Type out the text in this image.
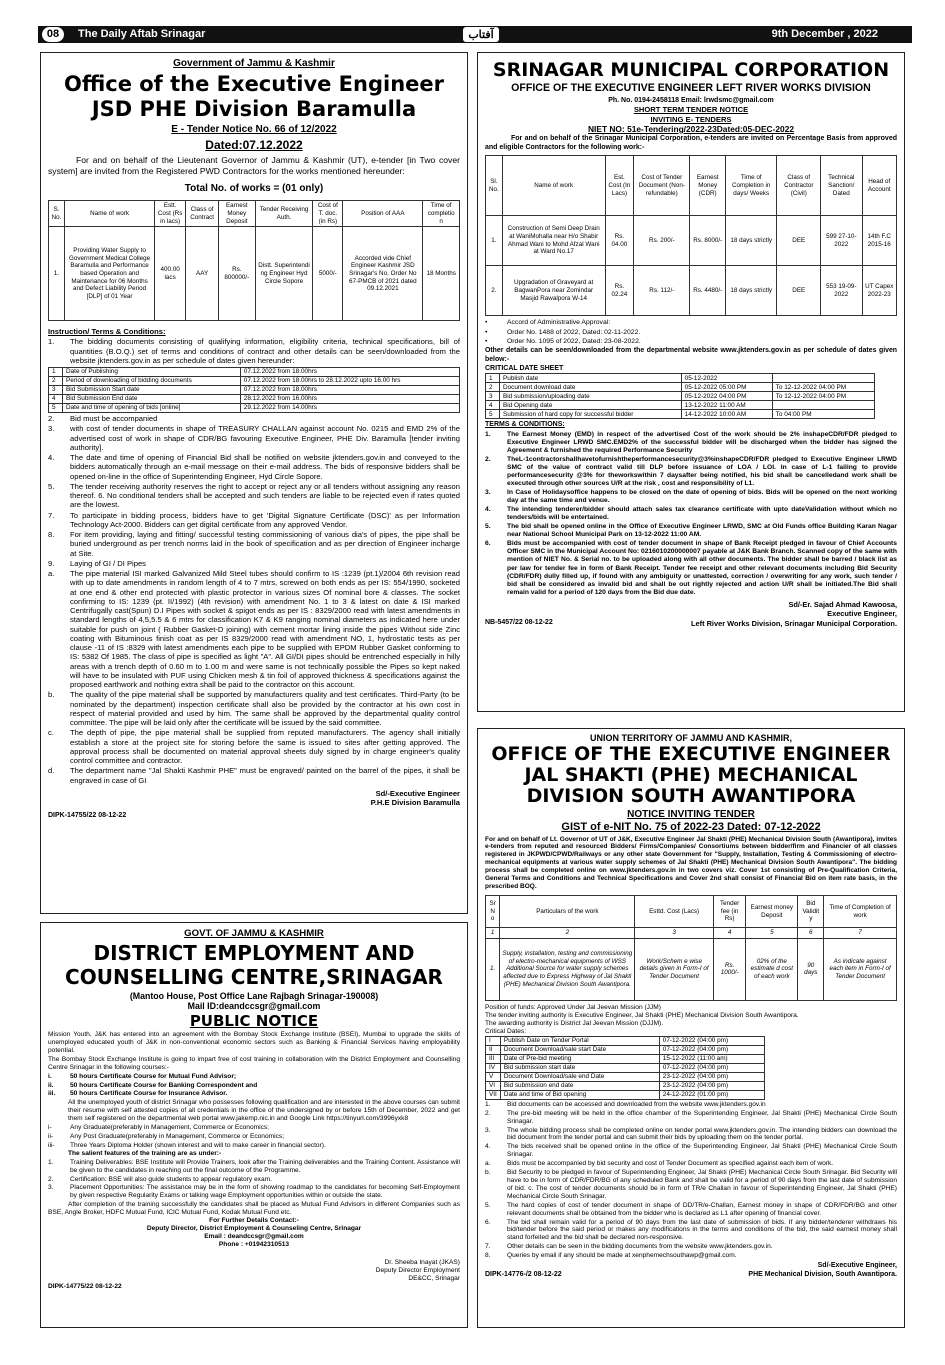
08	The Daily Aftab Srinagar	آفتاب	9th December , 2022
Government of Jammu & Kashmir
Office of the Executive Engineer
JSD PHE Division Baramulla
E - Tender Notice No. 66 of 12/2022
Dated:07.12.2022
For and on behalf of the Lieutenant Governor of Jammu & Kashmir (UT), e-tender [in Two cover system] are invited from the Registered PWD Contractors for the works mentioned hereunder:
Total No. of works = (01 only)
S. No.	Name of work	Estt. Cost (Rs in lacs)	Class of Contract	Earnest Money Deposit	Tender Receiving Auth.	Cost of T. doc. (in Rs)	Position of AAA	Time of completio n
1.	Providing Water Supply to Government Medical College Baramulla and Performance based Operation and Maintenance for 06 Months and Defect Liability Period [DLP] of 01 Year	400.00 lacs	AAY	Rs. 800000/-	Distt. Superintendi ng Engineer Hyd Circle Sopore	5000/-	Accorded vide Chief Engineer Kashmir JSD Srinagar's No. Order No 67-PMCB of 2021 dated 09.12.2021	18 Months
Instruction/ Terms & Conditions:
1.	The bidding documents consisting of qualifying information, eligibility criteria, technical specifications, bill of quantities (B.O.Q.) set of terms and conditions of contract and other details can be seen/downloaded from the website jktenders.gov.in as per schedule of dates given hereunder:
1	Date of Publishing	07.12.2022 from 18.00hrs
2	Period of downloading of bidding documents	07.12.2022 from 18.00hrs to 28.12.2022 upto 16.00 hrs
3	Bid Submission Start date	07.12.2022 from 18.00hrs
4	Bid Submission End date	28.12.2022 from 16.00hrs
5	Date and time of opening of bids [online]	29.12.2022 from 14.00hrs
2.	Bid must be accompanied
3.	with cost of tender documents in shape of TREASURY CHALLAN against account No. 0215 and EMD 2% of the advertised cost of work in shape of CDR/BG favouring Executive Engineer, PHE Div. Baramulla [tender inviting authority].
4.	The date and time of opening of Financial Bid shall be notified on website jktenders.gov.in and conveyed to the bidders automatically through an e-mail message on their e-mail address. The bids of responsive bidders shall be opened on-line in the office of Superintending Engineer, Hyd Circle Sopore.
5.	The tender receiving authority reserves the right to accept or reject any or all tenders without assigning any reason thereof. 6. No conditional tenders shall be accepted and such tenders are liable to be rejected even if rates quoted are the lowest.
7.	To participate in bidding process, bidders have to get 'Digital Signature Certificate (DSC)' as per Information Technology Act-2000. Bidders can get digital certificate from any approved Vendor.
8.	For item providing, laying and fitting/ successful testing commissioning of various dia's of pipes, the pipe shall be buried underground as per trench norms laid in the book of specification and as per direction of Engineer incharge at Site.
9.	Laying of GI / DI Pipes
a.	The pipe material ISI marked Galvanized Mild Steel tubes should confirm to IS :1239 (pt.1)/2004 6th revision read with up to date amendments in random length of 4 to 7 mtrs, screwed on both ends as per IS: 554/1990, socketed at one end & other end protected with plastic protector in various sizes Of nominal bore & classes. The socket confirming to IS: 1239 (pt. II/1992) (4th revision) with amendment No. 1 to 3 & latest on date & ISI marked Centrifugally cast(Spun) D.I Pipes with socket & spigot ends as per IS : 8329/2000 read with latest amendments in standard lengths of 4,5,5.5 & 6 mtrs for classification K7 & K9 ranging nominal diameters as indicated here under suitable for push on joint ( Rubber Gasket-D joining) with cement mortar lining inside the pipes Without side Zinc coating with Bituminous finish coat as per IS 8329/2000 read with amendment NO, 1, hydrostatic tests as per clause -11 of IS :8329 with latest amendments each pipe to be supplied with EPDM Rubber Gasket conforming to IS: 5382 Of 1985. The class of pipe is specified as light "A". All GI/DI pipes should be entrenched especially in hilly areas with a trench depth of 0.60 m to 1.00 m and were same is not technically possible the Pipes so kept naked will have to be insulated with PUF using Chicken mesh & tin foil of approved thickness & specifications against the proposed earthwork and nothing extra shall be paid to the contractor on this account.
b.	The quality of the pipe material shall be supported by manufacturers quality and test certificates. Third-Party (to be nominated by the department) inspection certificate shall also be provided by the contractor at his own cost in respect of material provided and used by him. The same shall be approved by the departmental quality control committee. The pipe will be laid only after the certificate will be issued by the said committee.
c.	The depth of pipe, the pipe material shall be supplied from reputed manufacturers. The agency shall initially establish a store at the project site for storing before the same is issued to sites after getting approved. The approval process shall be documented on material approval sheets duly signed by in charge engineer's quality control committee and contractor.
d.	The department name "Jal Shakti Kashmir PHE" must be engraved/ painted on the barrel of the pipes, it shall be engraved in case of GI
Sd/-Executive Engineer
P.H.E Division Baramulla
DIPK-14755/22 08-12-22
SRINAGAR MUNICIPAL CORPORATION
OFFICE OF THE EXECUTIVE ENGINEER LEFT RIVER WORKS DIVISION
Ph. No. 0194-2458118 Email: lrwdsmc@gmail.com
SHORT TERM TENDER NOTICE
INVITING E- TENDERS
NIET NO: 51e-Tendering/2022-23Dated:05-DEC-2022
For and on behalf of the Srinagar Municipal Corporation, e-tenders are invited on Percentage Basis from approved and eligible Contractors for the following work:-
Sl. No.	Name of work	Est. Cost (In Lacs)	Cost of Tender Document (Non-refundable)	Earnest Money (CDR)	Time of Completion in days/ Weeks	Class of Contractor (Civil)	Technical Sanction/ Dated	Head of Account
1.	Construction of Semi Deep Drain at WaniMohalla near H/o Shabir Ahmad Wani to Mohd Afzal Wani at Ward No.17	Rs. 04.00	Rs. 200/-	Rs. 8000/-	18 days strictly	DEE	599 27-10-2022	14th F.C 2015-16
2.	Upgradation of Graveyard at BagwanPora near Zomindar Masjid Rawalpora W-14	Rs. 02.24	Rs. 112/-	Rs. 4480/-	18 days strictly	DEE	553 19-09-2022	UT Capex 2022-23
•	Accord of Administrative Approval:
•	Order No. 1488 of 2022, Dated: 02-11-2022.
•	Order No. 1095 of 2022, Dated: 23-08-2022.
Other details can be seen/downloaded from the departmental website www.jktenders.gov.in as per schedule of dates given below:-
CRITICAL DATE SHEET
1	Publish date	05-12-2022	
2	Document download date	05-12-2022 05:00 PM	To 12-12-2022 04:00 PM
3	Bid submission/uploading date	05-12-2022 04:00 PM	To 12-12-2022 04:00 PM
4	Bid Opening date	13-12-2022 11:00 AM	
5	Submission of hard copy for successful bidder	14-12-2022 10:00 AM	To 04:00 PM
TERMS & CONDITIONS:
1.	The Earnest Money (EMD) in respect of the advertised Cost of the work should be 2% inshapeCDR/FDR pledged to Executive Engineer LRWD SMC.EMD2% of the successful bidder will be discharged when the bidder has signed the Agreement & furnished the required Performance Security
2.	TheL-1contractorshallhavetofurnishtheperformancesecurity@3%inshapeCDR/FDR pledged to Executive Engineer LRWD SMC of the value of contract valid till DLP before issuance of LOA / LOI. In case of L-1 failing to provide performancesecurity @3% for theworkswithin 7 daysafter being notified, his bid shall be cancelledand work shall be executed through other sources U/R at the risk , cost and responsibility of L1.
3.	In Case of Holidaysoffice happens to be closed on the date of opening of bids. Bids will be opened on the next working day at the same time and venue.
4.	The intending tenderer/bidder should attach sales tax clearance certificate with upto dateValidation without which no tenders/bids will be entertained.
5.	The bid shall be opened online in the Office of Executive Engineer LRWD, SMC at Old Funds office Building Karan Nagar near National School Municipal Park on 13-12-2022 11:00 AM.
6.	Bids must be accompanied with cost of tender document in shape of Bank Receipt pledged in favour of Chief Accounts Officer SMC in the Municipal Account No: 0216010200000007 payable at J&K Bank Branch. Scanned copy of the same with mention of NIET No. & Serial no. to be uploaded along with all other documents. The bidder shall be barred / black list as per law for tender fee in form of Bank Receipt. Tender fee receipt and other relevant documents including Bid Security (CDR/FDR) dully filled up, if found with any ambiguity or unattested, correction / overwriting for any work, such tender / bid shall be considered as invalid bid and shall be out rightly rejected and action U/R shall be initiated.The Bid shall remain valid for a period of 120 days from the Bid due date.
Sd/-Er. Sajad Ahmad Kawoosa,
Executive Engineer,
NB-5457/22 08-12-22	Left River Works Division, Srinagar Municipal Corporation.
GOVT. OF JAMMU & KASHMIR
DISTRICT EMPLOYMENT AND
COUNSELLING CENTRE,SRINAGAR
(Mantoo House, Post Office Lane Rajbagh Srinagar-190008)
Mail ID:deandccsgr@gmail.com
PUBLIC NOTICE
Mission Youth, J&K has entered into an agreement with the Bombay Stock Exchange Institute (BSEI), Mumbai to upgrade the skills of unemployed educated youth of J&K in non-conventional economic sectors such as Banking & Financial Services having employability potential.
The Bombay Stock Exchange Institute is going to impart free of cost training in collaboration with the District Employment and Counselling Centre Srinagar in the following courses:-
i.	50 hours Certificate Course for Mutual Fund Advisor;
ii.	50 hours Certificate Course for Banking Correspondent and
iii.	50 hours Certificate Course for Insurance Advisor.
All the unemployed youth of district Srinagar who possesses following qualification and are interested in the above courses can submit their resume with self attested copies of all credentials in the office of the undersigned by or before 15th of December, 2022 and get them self registered on the departmental web portal www.jakemp.nic.in and Google Link https://tinyurl.com/3996yxk8
i-	Any Graduate(preferably in Management, Commerce or Economics;
ii-	Any Post Graduate(preferably in Management, Commerce or Economics;
iii-	Three Years Diploma Holder (shown interest and will to make career in financial sector).
The salient features of the training are as under:-
1.	Training Deliverables: BSE Institute will Provide Trainers, look after the Training deliverables and the Training Content. Assistance will be given to the candidates in reaching out the final outcome of the Programme.
2.	Certification: BSE will also guide students to appear regulatory exam.
3.	Placement Opportunities: The assistance may be in the form of showing roadmap to the candidates for becoming Self-Employment by given respective Regularity Exams or talking wage Employment opportunities within or outside the state.
After completion of the training successfully the candidates shall be placed as Mutual Fund Advisors in different Companies such as BSE, Angle Broker, HDFC Mutual Fund, ICIC Mutual Fund, Kodak Mutual Fund etc.
For Further Details Contact:-
Deputy Director, District Employment & Counseling Centre, Srinagar
Email : deandccsgr@gmail.com
Phone : +01942310513
Dr. Sheeba Inayat (JKAS)
Deputy Director Employment
DE&CC, Srinagar
DIPK-14775/22 08-12-22
UNION TERRITORY OF JAMMU AND KASHMIR,
OFFICE OF THE EXECUTIVE ENGINEER
JAL SHAKTI (PHE) MECHANICAL
DIVISION SOUTH AWANTIPORA
NOTICE INVITING TENDER
GIST of e-NIT No. 75 of 2022-23 Dated: 07-12-2022
For and on behalf of Lt. Governor of UT of J&K, Executive Engineer Jal Shakti (PHE) Mechanical Division South (Awantipora), invites e-tenders from reputed and resourced Bidders/ Firms/Companies/ Consortiums between bidder/firm and Financier of all classes registered in JKPWD/CPWD/Railways or any other state Government for "Supply, Installation, Testing & Commissioning of electro-mechanical equipments at various water supply schemes of Jal Shakti (PHE) Mechanical Division South Awantipora". The bidding process shall be completed online on www.jktenders.gov.in in two covers viz. Cover 1st consisting of Pre-Qualification Criteria, General Terms and Conditions and Technical Specifications and Cover 2nd shall consist of Financial Bid on item rate basis, in the prescribed BOQ.
Sr N o	Particulars of the work	Esttd. Cost (Lacs)	Tender fee (in Rs)	Earnest money Deposit	Bid Validit y	Time of Completion of work
1	2	3	4	5	6	7
1.	Supply, installation, testing and commissioning of electro-mechanical equipments of WSS Additional Source for water supply schemes affected due to Express Highway of Jal Shakti (PHE) Mechanical Division South Awantipora.	Work/Schem e wise details given in Form-I of Tender Document	Rs. 1000/-	02% of the estimate d cost of each work	90 days	As indicate against each item in Form-I of Tender Document
Position of funds: Approved Under Jal Jeevan Mission (JJM)
The tender inviting authority is Executive Engineer, Jal Shakti (PHE) Mechanical Division South Awantipora.
The awarding authority is District Jal Jeevan Mission (DJJM).
Critical Dates:
I	Publish Date on Tender Portal	07-12-2022 (04:00 pm)
II	Document Download/sale start Date	07-12-2022 (04:00 pm)
III	Date of Pre-bid meeting	15-12-2022 (11:00 am)
IV	Bid submission start date	07-12-2022 (04:00 pm)
V	Document Download/sale end Date	23-12-2022 (04:00 pm)
VI	Bid submission end date	23-12-2022 (04:00 pm)
VII	Date and time of Bid opening	24-12-2022 (01:00 pm)
1.	Bid documents can be accessed and downloaded from the website www.jktenders.gov.in
2.	The pre-bid meeting will be held in the office chamber of the Superintending Engineer, Jal Shakti (PHE) Mechanical Circle South Srinagar.
3.	The whole bidding process shall be completed online on tender portal www.jktenders.gov.in. The intending bidders can download the bid document from the tender portal and can submit their bids by uploading them on the tender portal.
4.	The bids received shall be opened online in the office of the Superintending Engineer, Jal Shakti (PHE) Mechanical Circle South Srinagar.
a.	Bids must be accompanied by bid security and cost of Tender Document as specified against each item of work.
b.	Bid Security to be pledged in favour of Superintending Engineer, Jal Shakti (PHE) Mechanical Circle South Srinagar. Bid Security will have to be in form of CDR/FDR/BG of any scheduled Bank and shall be valid for a period of 90 days from the last date of submission of bid. c. The cost of tender documents should be in form of TR/e Challan in favour of Superintending Engineer, Jal Shakti (PHE) Mechanical Circle South Srinagar.
5.	The hard copies of cost of tender document in shape of DD/TR/e-Challan, Earnest money in shape of CDR/FDR/BG and other relevant documents shall be obtained from the bidder who is declared as L1 after opening of financial cover.
6.	The bid shall remain valid for a period of 90 days from the last date of submission of bids. If any bidder/tenderer withdraws his bid/tender before the said period or makes any modifications in the terms and conditions of the bid, the said earnest money shall stand forfeited and the bid shall be declared non-responsive.
7.	Other details can be seen in the bidding documents from the website www.jktenders.gov.in.
8.	Queries by email if any should be made at xenphemechsouthawp@gmail.com.
Sd/-Executive Engineer,
DIPK-14776-/2 08-12-22	PHE Mechanical Division, South Awantipora.
